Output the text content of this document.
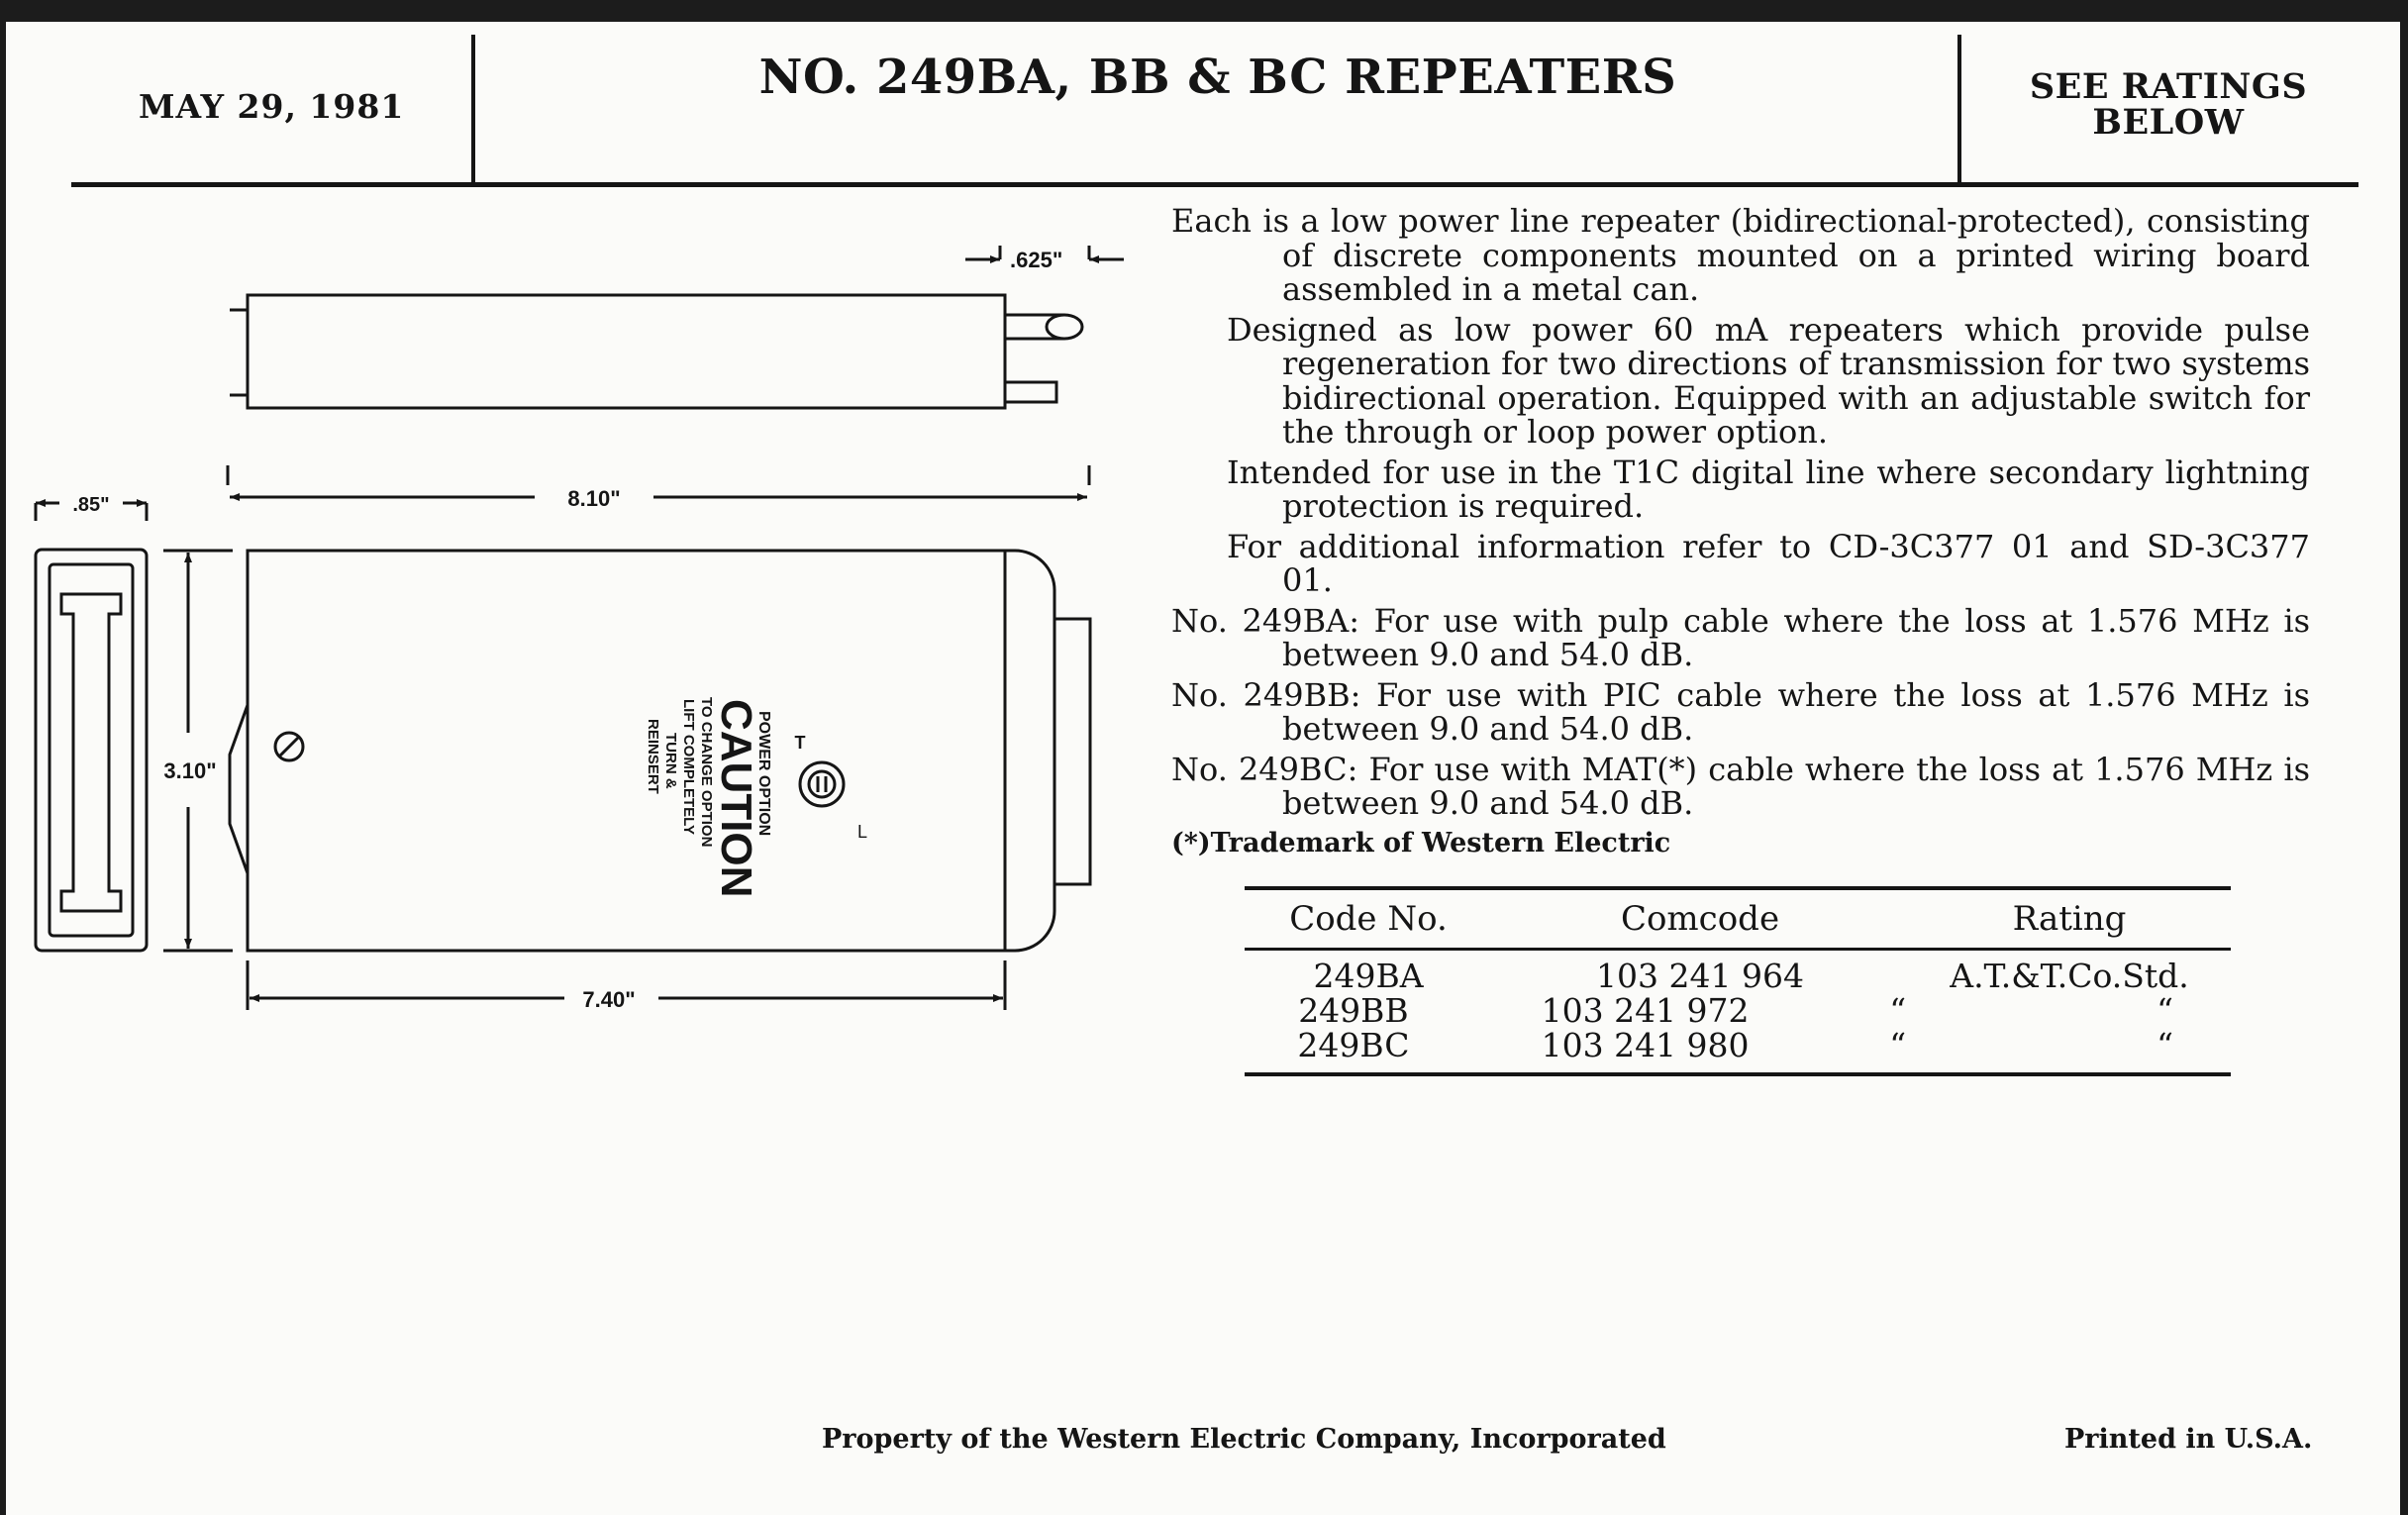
MAY 29, 1981
NO. 249BA, BB & BC REPEATERS	SEE RATINGS
BELOW
.625"
8.10"
.85"
3.10"
7.40"
T
L
POWER OPTION
CAUTION
TO CHANGE OPTION
LIFT COMPLETELY
TURN &
REINSERT

Each is a low power line repeater (bidirectional-protected), consisting of discrete components mounted on a printed wiring board assembled in a metal can.

Designed as low power 60 mA repeaters which provide pulse regeneration for two directions of transmission for two systems bidirectional operation. Equipped with an adjustable switch for the through or loop power option.

Intended for use in the T1C digital line where secondary lightning protection is required.

For additional information refer to CD-3C377 01 and SD-3C377 01.

No. 249BA: For use with pulp cable where the loss at 1.576 MHz is between 9.0 and 54.0 dB.

No. 249BB: For use with PIC cable where the loss at 1.576 MHz is between 9.0 and 54.0 dB.

No. 249BC: For use with MAT(*) cable where the loss at 1.576 MHz is between 9.0 and 54.0 dB.

(*)Trademark of Western Electric

Code No.	Comcode	Rating
249BA	103 241 964	A.T.&T.Co.Std.
249BB	103 241 972	“	“
249BC	103 241 980	“	“
Property of the Western Electric Company, Incorporated	Printed in U.S.A.
